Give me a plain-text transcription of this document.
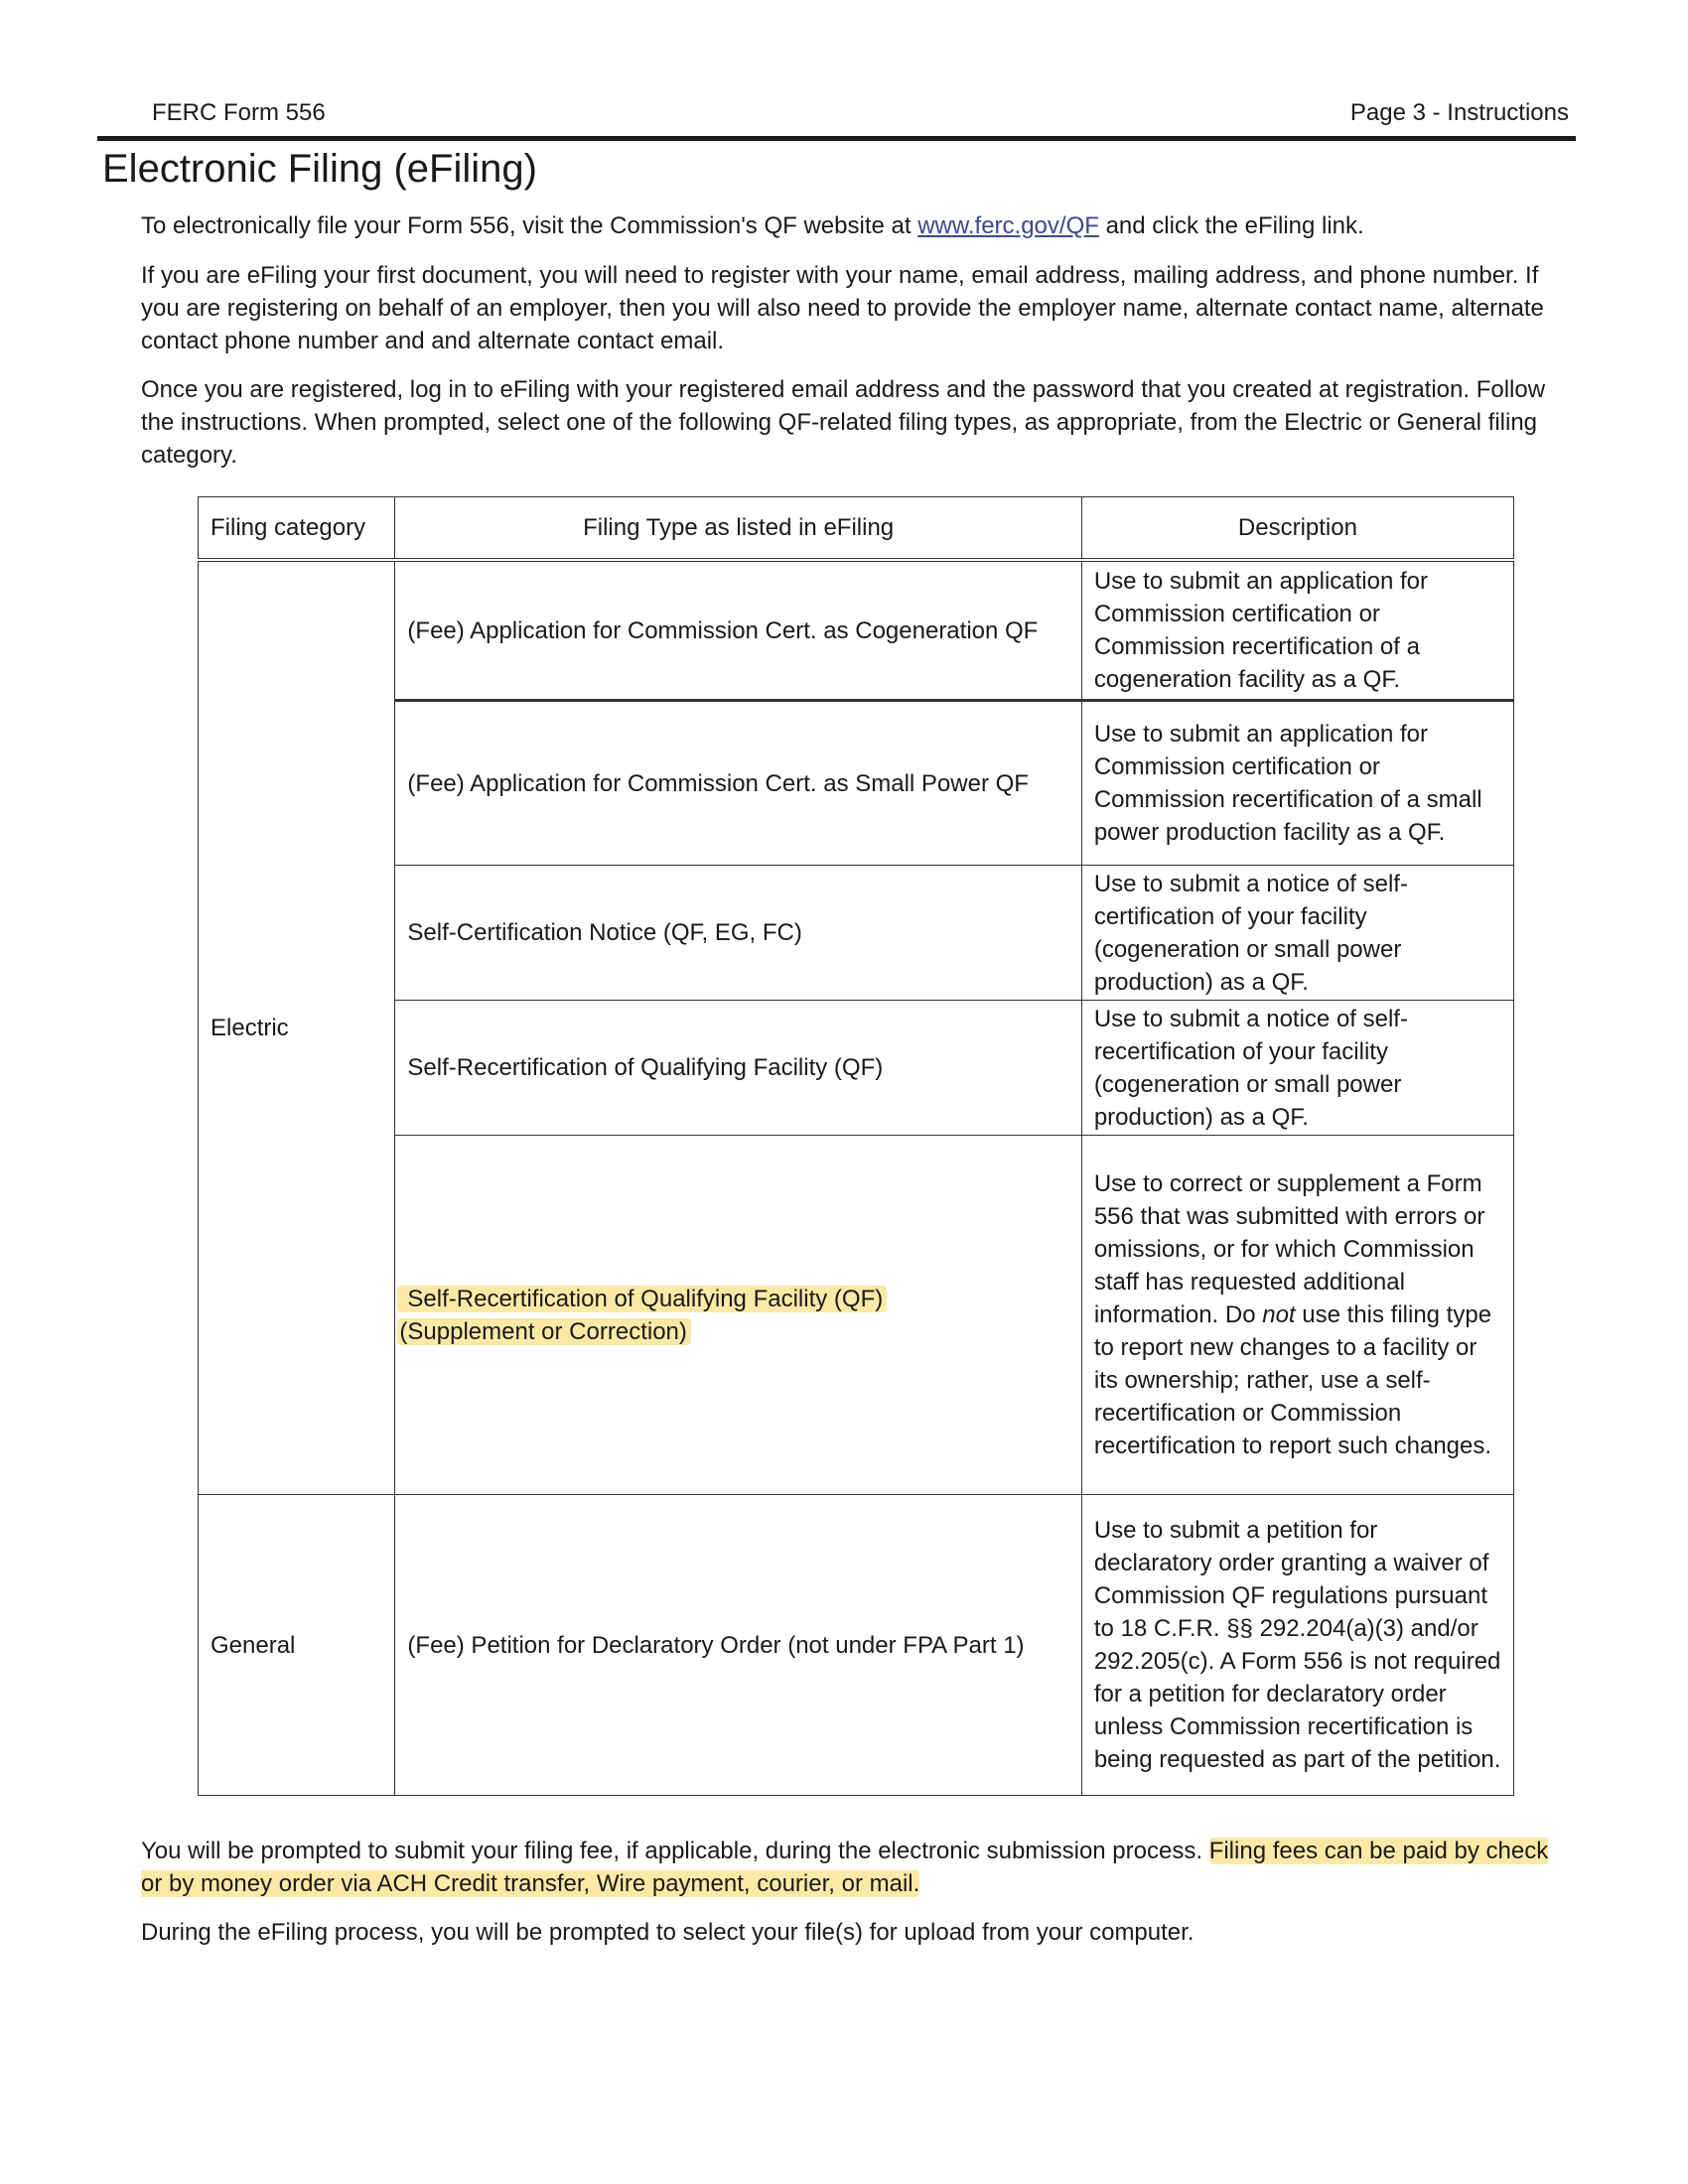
FERC Form 556	Page 3 - Instructions
Electronic Filing (eFiling)

To electronically file your Form 556, visit the Commission's QF website at www.ferc.gov/QF and click the eFiling link.

If you are eFiling your first document, you will need to register with your name, email address, mailing address, and phone number. If you are registering on behalf of an employer, then you will also need to provide the employer name, alternate contact name, alternate contact phone number and and alternate contact email.

Once you are registered, log in to eFiling with your registered email address and the password that you created at registration. Follow the instructions. When prompted, select one of the following QF-related filing types, as appropriate, from the Electric or General filing category.

Filing category	Filing Type as listed in eFiling	Description
Electric	(Fee) Application for Commission Cert. as Cogeneration QF	Use to submit an application for Commission certification or Commission recertification of a cogeneration facility as a QF.
	(Fee) Application for Commission Cert. as Small Power QF	Use to submit an application for Commission certification or Commission recertification of a small power production facility as a QF.
	Self-Certification Notice (QF, EG, FC)	Use to submit a notice of self-certification of your facility (cogeneration or small power production) as a QF.
	Self-Recertification of Qualifying Facility (QF)	Use to submit a notice of self-recertification of your facility (cogeneration or small power production) as a QF.
	Self-Recertification of Qualifying Facility (QF)
(Supplement or Correction)	Use to correct or supplement a Form 556 that was submitted with errors or omissions, or for which Commission staff has requested additional information. Do not use this filing type to report new changes to a facility or its ownership; rather, use a self-recertification or Commission recertification to report such changes.
General	(Fee) Petition for Declaratory Order (not under FPA Part 1)	Use to submit a petition for declaratory order granting a waiver of Commission QF regulations pursuant to 18 C.F.R. §§ 292.204(a)(3) and/or 292.205(c). A Form 556 is not required for a petition for declaratory order unless Commission recertification is being requested as part of the petition.

You will be prompted to submit your filing fee, if applicable, during the electronic submission process. Filing fees can be paid by check or by money order via ACH Credit transfer, Wire payment, courier, or mail.

During the eFiling process, you will be prompted to select your file(s) for upload from your computer.
